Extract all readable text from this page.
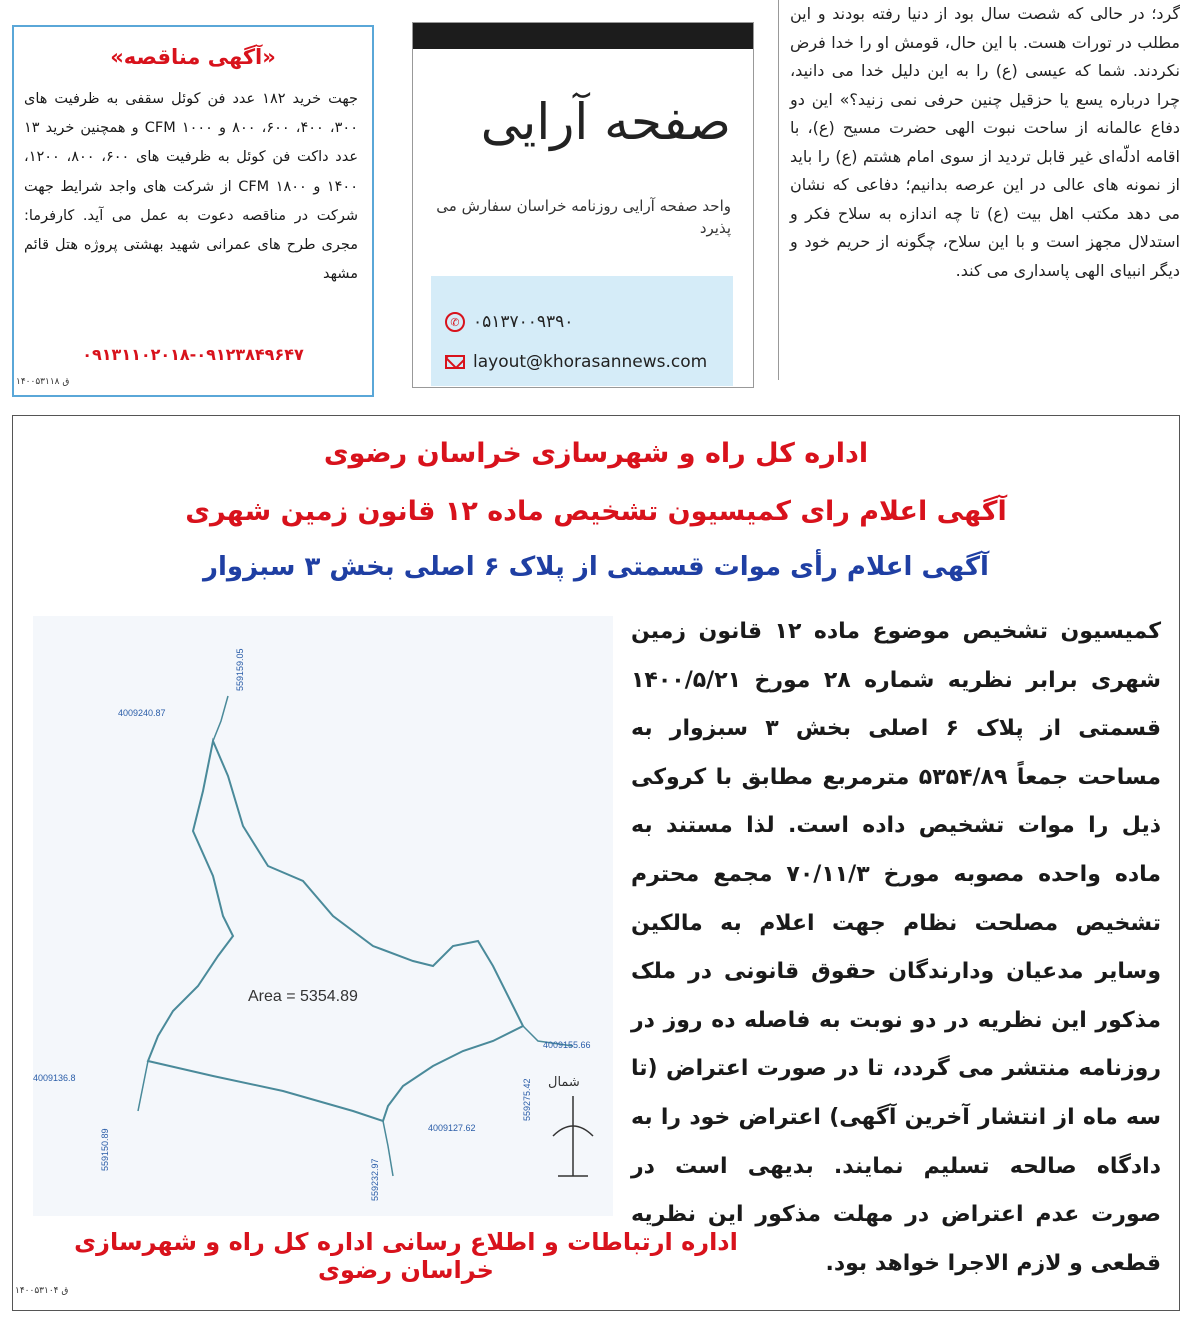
گرد؛ در حالی که شصت سال بود از دنیا رفته بودند و این مطلب در تورات هست. با این حال، قومش او را خدا فرض نکردند. شما که عیسی (ع) را به این دلیل خدا می دانید، چرا درباره یسع یا حزقیل چنین حرفی نمی زنید؟» این دو دفاع عالمانه از ساحت نبوت الهی حضرت مسیح (ع)، با اقامه ادلّه‌ای غیر قابل تردید از سوی امام هشتم (ع) را باید از نمونه های عالی در این عرصه بدانیم؛ دفاعی که نشان می دهد مکتب اهل بیت (ع) تا چه اندازه به سلاح فکر و استدلال مجهز است و با این سلاح، چگونه از حریم خود و دیگر انبیای الهی پاسداری می کند.
صفحه آرایی
واحد صفحه آرایی روزنامه خراسان سفارش می پذیرد
✆ ۰۵۱۳۷۰۰۹۳۹۰
layout@khorasannews.com
«آگهی مناقصه»
جهت خرید ۱۸۲ عدد فن کوئل سقفی به ظرفیت های ۳۰۰، ۴۰۰، ۶۰۰، ۸۰۰ و ۱۰۰۰ CFM و همچنین خرید ۱۳ عدد داکت فن کوئل به ظرفیت های ۶۰۰، ۸۰۰، ۱۲۰۰، ۱۴۰۰ و ۱۸۰۰ CFM از شرکت های واجد شرایط جهت شرکت در مناقصه دعوت به عمل می آید. کارفرما: مجری طرح های عمرانی شهید بهشتی پروژه هتل قائم مشهد
۰۹۱۳۱۱۰۲۰۱۸-۰۹۱۲۳۸۴۹۶۴۷
۱۴۰۰۵۳۱۱۸ ق
اداره کل راه و شهرسازی خراسان رضوی
آگهی اعلام رای کمیسیون تشخیص ماده ۱۲ قانون زمین شهری
آگهی اعلام رأی موات قسمتی از پلاک ۶ اصلی بخش ۳ سبزوار
کمیسیون تشخیص موضوع ماده ۱۲ قانون زمین شهری برابر نظریه شماره ۲۸ مورخ ۱۴۰۰/۵/۲۱ قسمتی از پلاک ۶ اصلی بخش ۳ سبزوار به مساحت جمعاً ۵۳۵۴/۸۹ مترمربع مطابق با کروکی ذیل را موات تشخیص داده است. لذا مستند به ماده واحده مصوبه مورخ ۷۰/۱۱/۳ مجمع محترم تشخیص مصلحت نظام جهت اعلام به مالکین وسایر مدعیان ودارندگان حقوق قانونی در ملک مذکور این نظریه در دو نوبت به فاصله ده روز در روزنامه منتشر می گردد، تا در صورت اعتراض (تا سه ماه از انتشار آخرین آگهی) اعتراض خود را به دادگاه صالحه تسلیم نمایند. بدیهی است در صورت عدم اعتراض در مهلت مذکور این نظریه قطعی و لازم الاجرا خواهد بود.
Area = 5354.89
4009240.87
559159.05
4009155.66
4009136.8
4009127.62
559275.42
559150.89
559232.97
شمال
اداره ارتباطات و اطلاع رسانی اداره کل راه و شهرسازی خراسان رضوی
۱۴۰۰۵۳۱۰۴ ق
